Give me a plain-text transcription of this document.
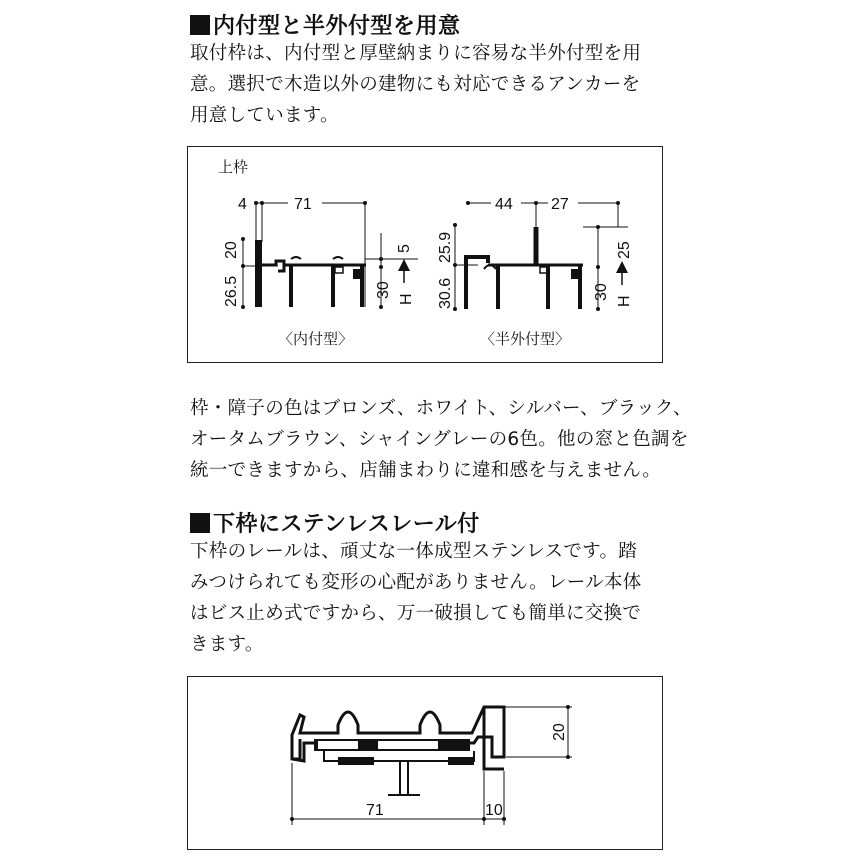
内付型と半外付型を用意

取付枠は、内付型と厚壁納まりに容易な半外付型を用

意。選択で木造以外の建物にも対応できるアンカーを

用意しています。

上枠
71
4
20
26.5
5
30
H
〈内付型〉
44 27
25.9
30.6
25
30
H
〈半外付型〉

枠・障子の色はブロンズ、ホワイト、シルバー、ブラック、

オータムブラウン、シャイングレーの6色。他の窓と色調を

統一できますから、店舗まわりに違和感を与えません。

下枠にステンレスレール付

下枠のレールは、頑丈な一体成型ステンレスです。踏

みつけられても変形の心配がありません。レール本体

はビス止め式ですから、万一破損しても簡単に交換で

きます。

71	10
20
